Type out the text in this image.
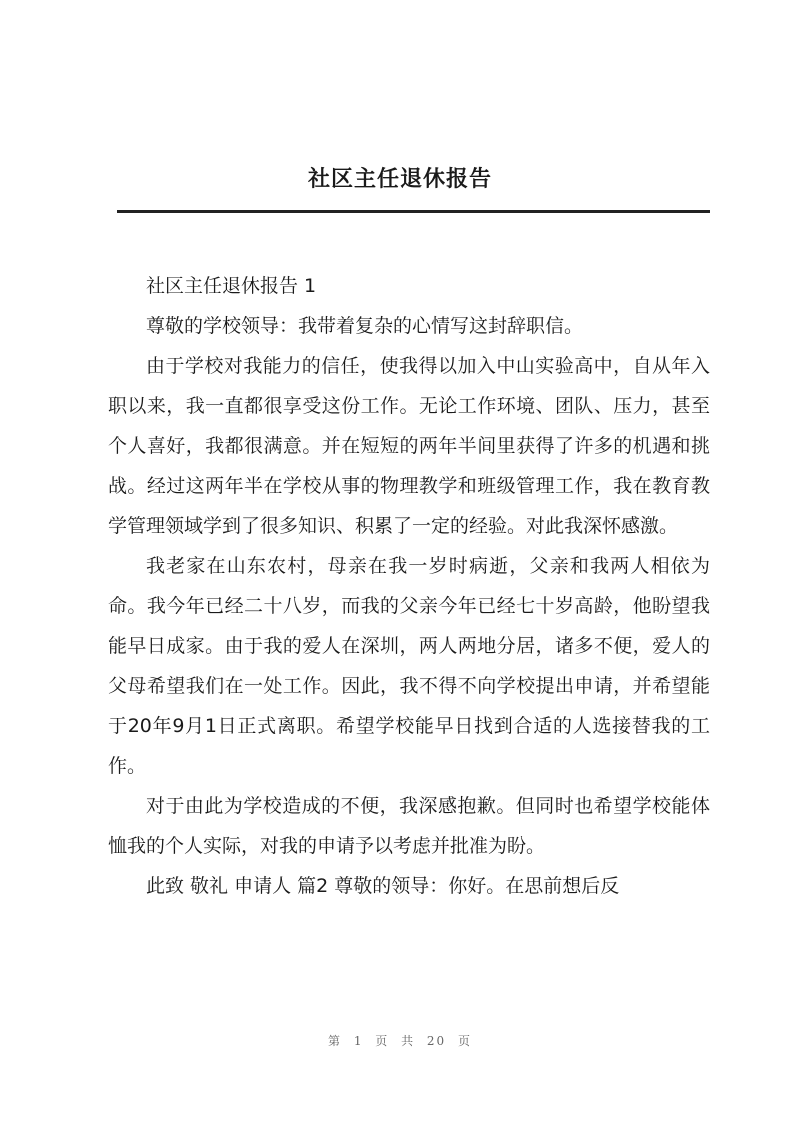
社区主任退休报告

社区主任退休报告 1

尊敬的学校领导：我带着复杂的心情写这封辞职信。

由于学校对我能力的信任，使我得以加入中山实验高中，自从年入职以来，我一直都很享受这份工作。无论工作环境、团队、压力，甚至个人喜好，我都很满意。并在短短的两年半间里获得了许多的机遇和挑战。经过这两年半在学校从事的物理教学和班级管理工作，我在教育教学管理领域学到了很多知识、积累了一定的经验。对此我深怀感激。

我老家在山东农村，母亲在我一岁时病逝，父亲和我两人相依为命。我今年已经二十八岁，而我的父亲今年已经七十岁高龄，他盼望我能早日成家。由于我的爱人在深圳，两人两地分居，诸多不便，爱人的父母希望我们在一处工作。因此，我不得不向学校提出申请，并希望能于20年9月1日正式离职。希望学校能早日找到合适的人选接替我的工作。

对于由此为学校造成的不便，我深感抱歉。但同时也希望学校能体恤我的个人实际，对我的申请予以考虑并批准为盼。

此致 敬礼 申请人 篇2 尊敬的领导：你好。在思前想后反

第 1 页 共 20 页
